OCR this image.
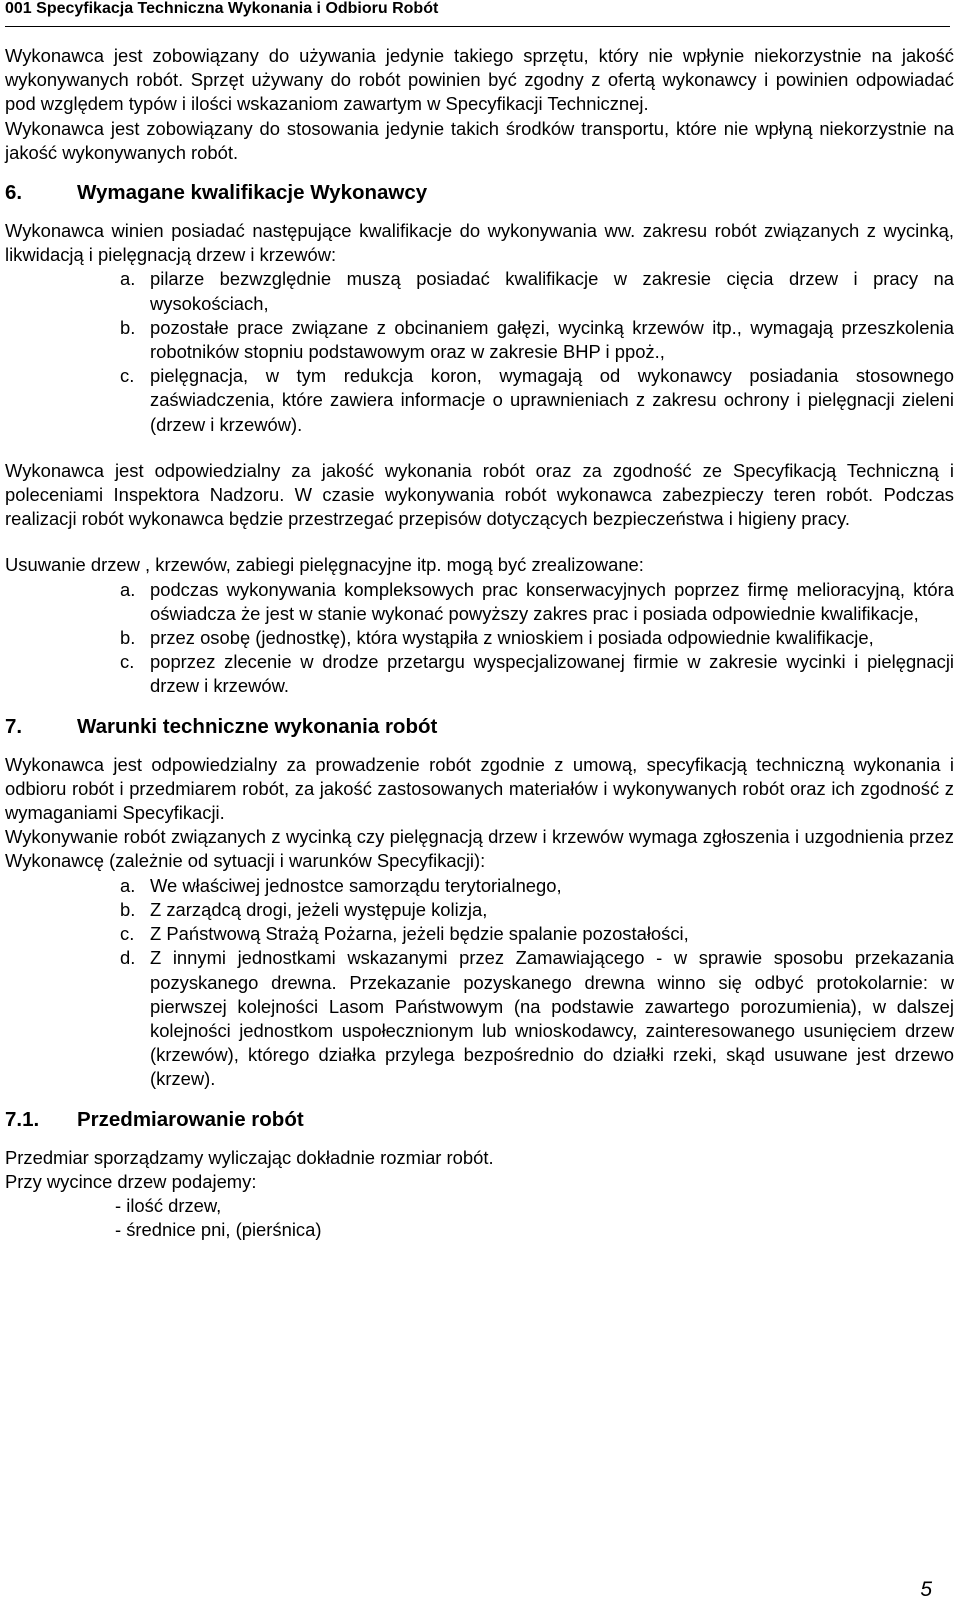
001 Specyfikacja Techniczna Wykonania i Odbioru Robót

Wykonawca jest zobowiązany do używania jedynie takiego sprzętu, który nie wpłynie niekorzystnie na jakość wykonywanych robót. Sprzęt używany do robót powinien być zgodny z ofertą wykonawcy i powinien odpowiadać pod względem typów i ilości wskazaniom zawartym w Specyfikacji Technicznej.

Wykonawca jest zobowiązany do stosowania jedynie takich środków transportu, które nie wpłyną niekorzystnie na jakość wykonywanych robót.

6.	Wymagane kwalifikacje Wykonawcy

Wykonawca winien posiadać następujące kwalifikacje do wykonywania ww. zakresu robót związanych z wycinką, likwidacją i pielęgnacją drzew i krzewów:

a. pilarze bezwzględnie muszą posiadać kwalifikacje w zakresie cięcia drzew i pracy na wysokościach,
b. pozostałe prace związane z obcinaniem gałęzi, wycinką krzewów itp., wymagają przeszkolenia robotników stopniu podstawowym oraz w zakresie BHP i ppoż.,
c. pielęgnacja, w tym redukcja koron, wymagają od wykonawcy posiadania stosownego zaświadczenia, które zawiera informacje o uprawnieniach z zakresu ochrony i pielęgnacji zieleni (drzew i krzewów).

Wykonawca jest odpowiedzialny za jakość wykonania robót oraz za zgodność ze Specyfikacją Techniczną i poleceniami Inspektora Nadzoru. W czasie wykonywania robót wykonawca zabezpieczy teren robót. Podczas realizacji robót wykonawca będzie przestrzegać przepisów dotyczących bezpieczeństwa i higieny pracy.

Usuwanie drzew , krzewów, zabiegi pielęgnacyjne itp. mogą być zrealizowane:

a. podczas wykonywania kompleksowych prac konserwacyjnych poprzez firmę melioracyjną, która oświadcza że jest w stanie wykonać powyższy zakres prac i posiada odpowiednie kwalifikacje,
b. przez osobę (jednostkę), która wystąpiła z wnioskiem i posiada odpowiednie kwalifikacje,
c. poprzez zlecenie w drodze przetargu wyspecjalizowanej firmie w zakresie wycinki i pielęgnacji drzew i krzewów.
7.	Warunki techniczne wykonania robót

Wykonawca jest odpowiedzialny za prowadzenie robót zgodnie z umową, specyfikacją techniczną wykonania i odbioru robót i przedmiarem robót, za jakość zastosowanych materiałów i wykonywanych robót oraz ich zgodność z wymaganiami Specyfikacji.

Wykonywanie robót związanych z wycinką czy pielęgnacją drzew i krzewów wymaga zgłoszenia i uzgodnienia przez Wykonawcę (zależnie od sytuacji i warunków Specyfikacji):

a. We właściwej jednostce samorządu terytorialnego,
b. Z zarządcą drogi, jeżeli występuje kolizja,
c. Z Państwową Strażą Pożarna, jeżeli będzie spalanie pozostałości,
d. Z innymi jednostkami wskazanymi przez Zamawiającego - w sprawie sposobu przekazania pozyskanego drewna. Przekazanie pozyskanego drewna winno się odbyć protokolarnie: w pierwszej kolejności Lasom Państwowym (na podstawie zawartego porozumienia), w dalszej kolejności jednostkom uspołecznionym lub wnioskodawcy, zainteresowanego usunięciem drzew (krzewów), którego działka przylega bezpośrednio do działki rzeki, skąd usuwane jest drzewo (krzew).
7.1.	Przedmiarowanie robót

Przedmiar sporządzamy wyliczając dokładnie rozmiar robót.

Przy wycince drzew podajemy:

- ilość drzew,
- średnice pni, (pierśnica)
5
